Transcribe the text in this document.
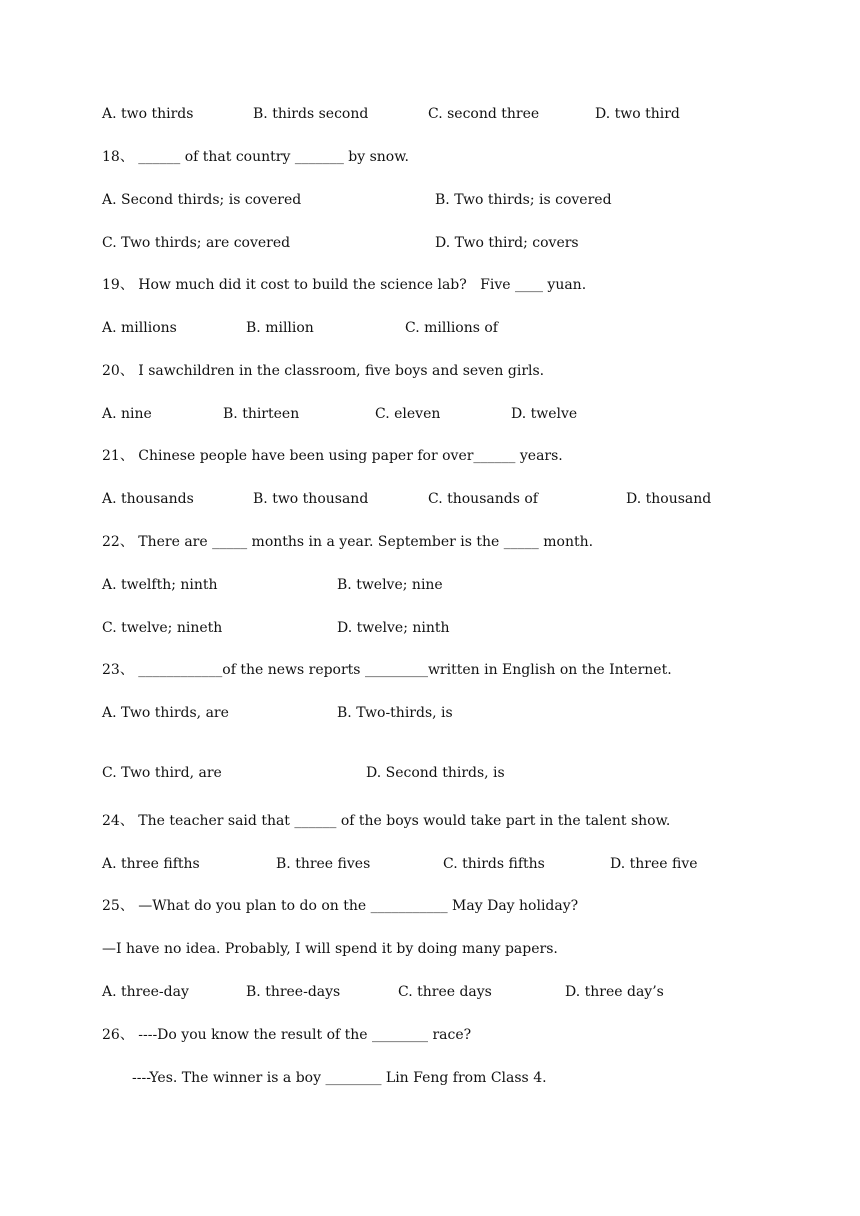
A. two thirds	B. thirds second	C. second three	D. two third
18、 ______ of that country _______ by snow.
A. Second thirds; is covered	B. Two thirds; is covered
C. Two thirds; are covered	D. Two third; covers
19、 How much did it cost to build the science lab?   Five ____ yuan.
A. millions	B. million	C. millions of
20、 I sawchildren in the classroom, five boys and seven girls.
A. nine	B. thirteen	C. eleven	D. twelve
21、 Chinese people have been using paper for over______ years.
A. thousands	B. two thousand	C. thousands of	D. thousand
22、 There are _____ months in a year. September is the _____ month.
A. twelfth; ninth	B. twelve; nine
C. twelve; nineth	D. twelve; ninth
23、 ____________of the news reports _________written in English on the Internet.
A. Two thirds, are	B. Two-thirds, is
C. Two third, are	D. Second thirds, is
24、 The teacher said that ______ of the boys would take part in the talent show.
A. three fifths	B. three fives	C. thirds fifths	D. three five
25、 —What do you plan to do on the ___________ May Day holiday?
—I have no idea. Probably, I will spend it by doing many papers.
A. three-day	B. three-days	C. three days	D. three day’s
26、 ----Do you know the result of the ________ race?
----Yes. The winner is a boy ________ Lin Feng from Class 4.
